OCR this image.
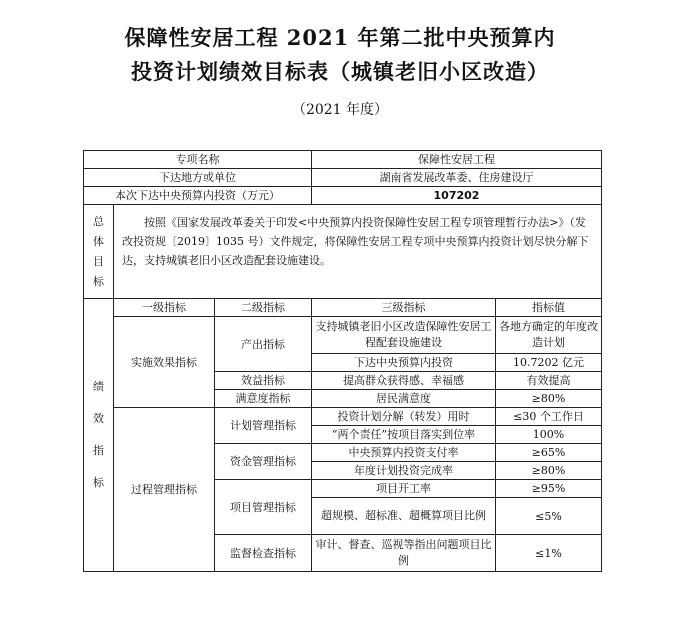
保障性安居工程 2021 年第二批中央预算内
投资计划绩效目标表（城镇老旧小区改造）
（2021 年度）
专项名称			保障性安居工程	
下达地方或单位			湖南省发展改革委、住房建设厅	
本次下达中央预算内投资（万元）			107202	
总体目标	按照《国家发展改革委关于印发<中央预算内投资保障性安居工程专项管理暂行办法>》（发改投资规〔2019〕1035 号）文件规定，将保障性安居工程专项中央预算内投资计划尽快分解下达，支持城镇老旧小区改造配套设施建设。			
绩效指标	一级指标	二级指标	三级指标	指标值
	实施效果指标	产出指标	支持城镇老旧小区改造保障性安居工程配套设施建设	各地方确定的年度改造计划

			下达中央预算内投资	10.7202 亿元
		效益指标	提高群众获得感、幸福感	有效提高
		满意度指标	居民满意度	≥80%
	过程管理指标	计划管理指标	投资计划分解（转发）用时	≤30 个工作日
			“两个责任”按项目落实到位率	100%
		资金管理指标	中央预算内投资支付率	≥65%
			年度计划投资完成率	≥80%
		项目管理指标	项目开工率	≥95%
			超规模、超标准、超概算项目比例	≤5%

		监督检查指标	审计、督查、巡视等指出问题项目比例	≤1%
